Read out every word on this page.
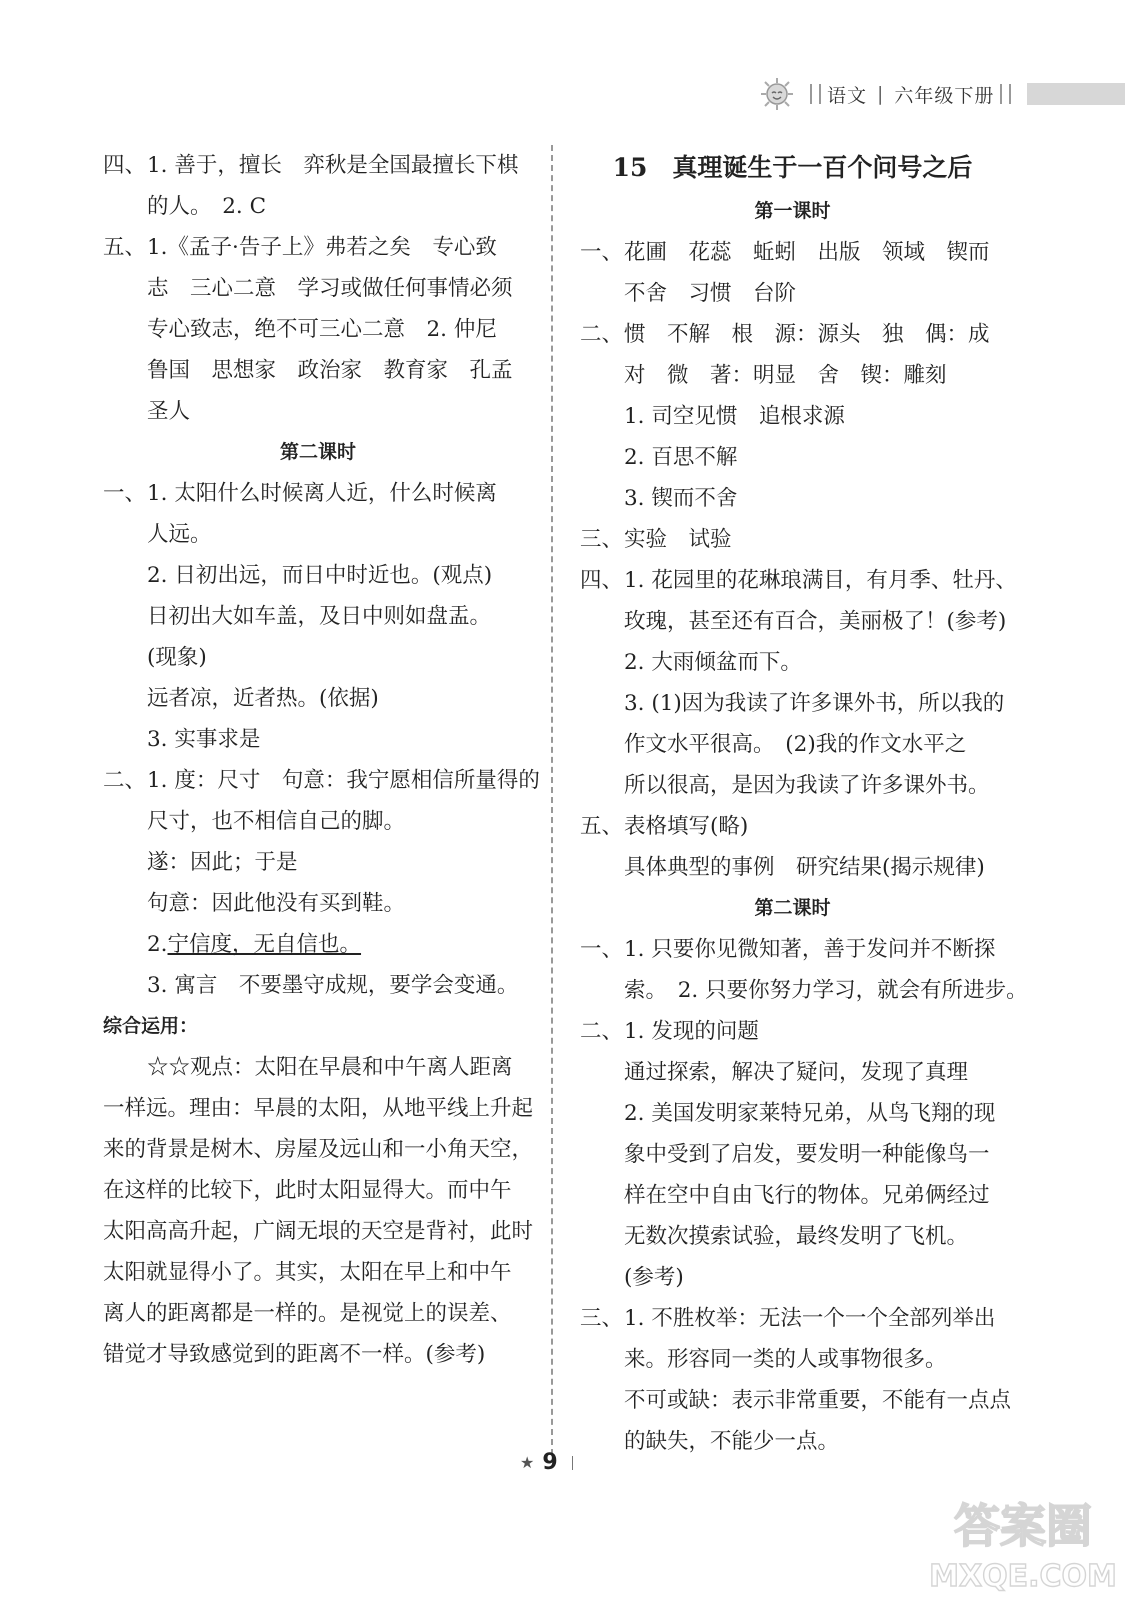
语文 | 六年级下册
四、 1. 善于，擅长　弈秋是全国最擅长下棋
的人。　2. C
五、 1.《孟子·告子上》弗若之矣　专心致
志　三心二意　学习或做任何事情必须
专心致志，绝不可三心二意　2. 仲尼
鲁国　思想家　政治家　教育家　孔孟
圣人
第二课时
一、 1. 太阳什么时候离人近，什么时候离
人远。
2. 日初出远，而日中时近也。(观点)
日初出大如车盖，及日中则如盘盂。
(现象)
远者凉，近者热。(依据)
3. 实事求是
二、 1. 度：尺寸　句意：我宁愿相信所量得的
尺寸，也不相信自己的脚。
遂：因此；于是
句意：因此他没有买到鞋。
2. 宁信度，无自信也。
3. 寓言　不要墨守成规，要学会变通。
综合运用：
☆☆观点：太阳在早晨和中午离人距离
一样远。理由：早晨的太阳，从地平线上升起
来的背景是树木、房屋及远山和一小角天空，
在这样的比较下，此时太阳显得大。而中午
太阳高高升起，广阔无垠的天空是背衬，此时
太阳就显得小了。其实，太阳在早上和中午
离人的距离都是一样的。是视觉上的误差、
错觉才导致感觉到的距离不一样。(参考)
15　真理诞生于一百个问号之后
第一课时
一、 花圃　花蕊　蚯蚓　出版　领域　锲而
不舍　习惯　台阶
二、 惯　不解　根　源：源头　独　偶：成
对　微　著：明显　舍　锲：雕刻
1. 司空见惯　追根求源
2. 百思不解
3. 锲而不舍
三、 实验　试验
四、 1. 花园里的花琳琅满目，有月季、牡丹、
玫瑰，甚至还有百合，美丽极了！(参考)
2. 大雨倾盆而下。
3. (1)因为我读了许多课外书，所以我的
作文水平很高。　(2)我的作文水平之
所以很高，是因为我读了许多课外书。
五、 表格填写(略)
具体典型的事例　研究结果(揭示规律)
第二课时
一、 1. 只要你见微知著，善于发问并不断探
索。　2. 只要你努力学习，就会有所进步。
二、 1. 发现的问题
通过探索，解决了疑问，发现了真理
2. 美国发明家莱特兄弟，从鸟飞翔的现
象中受到了启发，要发明一种能像鸟一
样在空中自由飞行的物体。兄弟俩经过
无数次摸索试验，最终发明了飞机。
(参考)
三、 1. 不胜枚举：无法一个一个全部列举出
来。形容同一类的人或事物很多。
不可或缺：表示非常重要，不能有一点点
的缺失，不能少一点。
★ 9
答案圈
MXQE.COM
